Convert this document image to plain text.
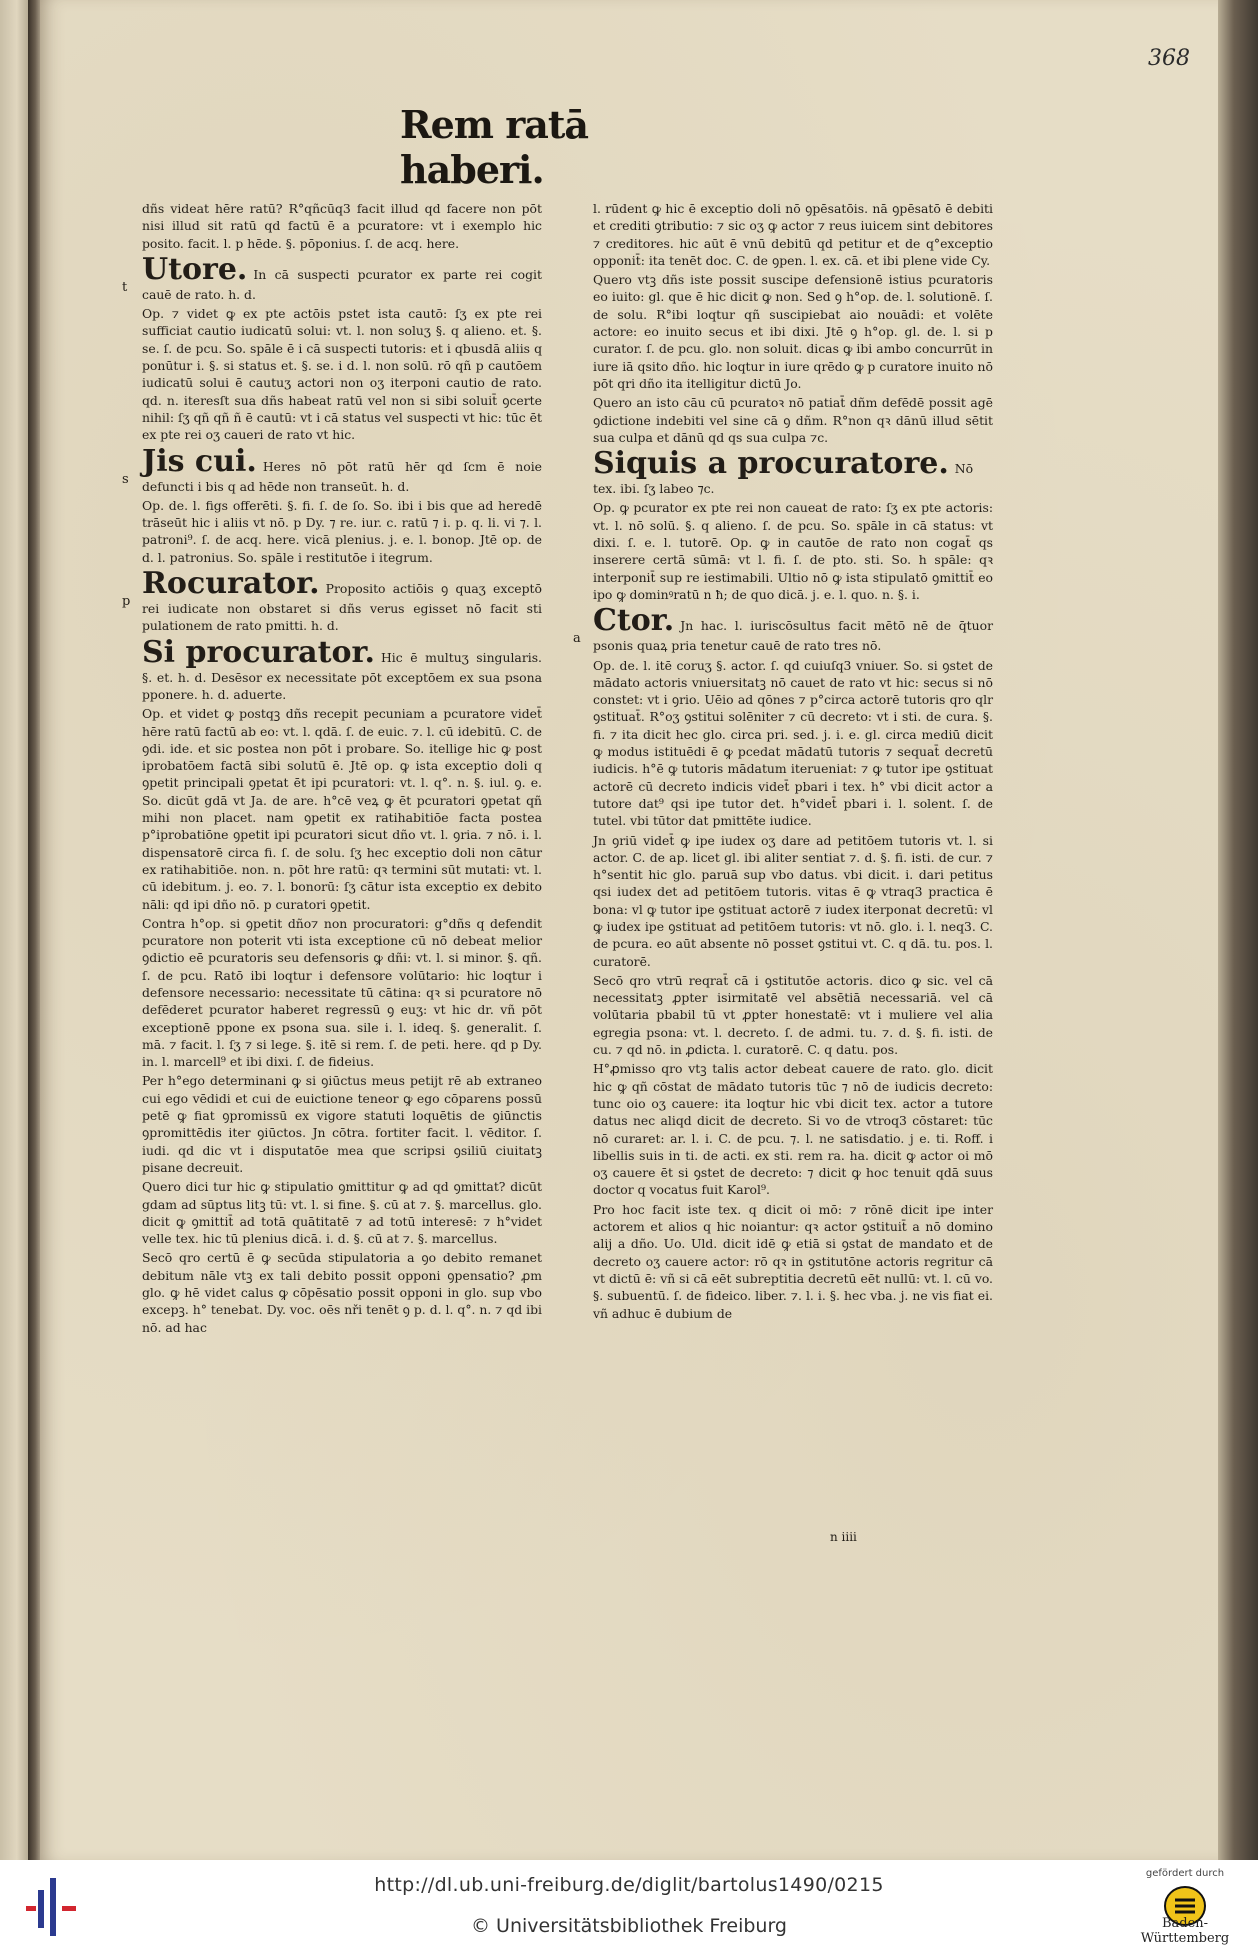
368
Rem ratā haberi.

dñs videat hēre ratū? R°qñcūq3 facit illud qd facere non pōt nisi illud sit ratū qd factū ē a pcuratore: vt i exemplo hic posito. facit. l. p hēde. §. pōponius. ſ. de acq. here.

t
Utore. In cā suspecti pcurator ex parte rei cogit cauē de rato. h. d.

Op. ⁊ videt ꝙ ex pte actōis pstet ista cautō: ſʒ ex pte rei sufficiat cautio iudicatū solui: vt. l. non soluʒ §. q alieno. et. §. se. ſ. de pcu. So. spāle ē i cā suspecti tutoris: et i qbusdā aliis q ponūtur i. §. si status et. §. se. i d. l. non solū. rō qñ p cautōem iudicatū solui ē cautuʒ actori non oʒ iterponi cautio de rato. qd. n. iteresſt sua dñs habeat ratū vel non si sibi soluit̄ ꝯcerte nihil: ſʒ qñ qñ ñ ē cautū: vt i cā status vel suspecti vt hic: tūc ēt ex pte rei oʒ caueri de rato vt hic.

s
Jis cui. Heres nō pōt ratū hēr qd ſcm ē noie defuncti i bis q ad hēde non transeūt. h. d.

Op. de. l. figs offerēti. §. fi. ſ. de ſo. So. ibi i bis que ad heredē trāseūt hic i aliis vt nō. p Dy. ⁊ re. iur. c. ratū ⁊ i. p. q. li. vi ⁊. l. patroni⁹. ſ. de acq. here. vicā plenius. j. e. l. bonop. Jtē op. de d. l. patronius. So. spāle i restitutōe i itegrum.

p
Rocurator. Proposito actiōis ꝯ quaʒ exceptō rei iudicate non obstaret si dñs verus egisset nō facit sti pulationem de rato pmitti. h. d.

Si procurator. Hic ē multuʒ singularis. §. et. h. d. Desēsor ex necessitate pōt exceptōem ex sua psona pponere. h. d. aduerte.

Op. et videt ꝙ postqꝫ dñs recepit pecuniam a pcuratore videt̄ hēre ratū factū ab eo: vt. l. qdā. ſ. de euic. ⁊. l. cū idebitū. C. de ꝯdi. ide. et sic postea non pōt i probare. So. itellige hic ꝙ post iprobatōem factā sibi solutū ē. Jtē op. ꝙ ista exceptio doli q ꝯpetit principali ꝯpetat ēt ipi pcuratori: vt. l. q°. n. §. iul. ꝯ. e. So. dicūt gdā vt Ja. de are. h°cē veꝝ ꝙ ēt pcuratori ꝯpetat qñ mihi non placet. nam ꝯpetit ex ratihabitiōe facta postea p°iprobatiōne ꝯpetit ipi pcuratori sicut dño vt. l. ꝯria. ⁊ nō. i. l. dispensatorē circa fi. ſ. de solu. ſʒ hec exceptio doli non cātur ex ratihabitiōe. non. n. pōt hre ratū: qꝛ termini sūt mutati: vt. l. cū idebitum. j. eo. ⁊. l. bonorū: ſʒ cātur ista exceptio ex debito nāli: qd ipi dño nō. p curatori ꝯpetit.

Contra h°op. si ꝯpetit dño⁊ non procuratori: g°dñs q defendit pcuratore non poterit vti ista exceptione cū nō debeat melior ꝯdictio eē pcuratoris seu defensoris ꝙ dñi: vt. l. si minor. §. qñ. ſ. de pcu. Ratō ibi loqtur i defensore volūtario: hic loqtur i defensore necessario: necessitate tū cātina: qꝛ si pcuratore nō defēderet pcurator haberet regressū ꝯ euʒ: vt hic dr. vñ pōt exceptionē ppone ex psona sua. sile i. l. ideq. §. generalit. ſ. mā. ⁊ facit. l. ſʒ ⁊ si lege. §. itē si rem. ſ. de peti. here. qd p Dy. in. l. marcell⁹ et ibi dixi. ſ. de fideius.

Per h°ego determinani ꝙ si ꝯiūctus meus petijt rē ab extraneo cui ego vēdidi et cui de euictione teneor ꝙ ego cōparens possū petē ꝙ fiat ꝯpromissū ex vigore statuti loquētis de ꝯiūnctis ꝯpromittēdis iter ꝯiūctos. Jn cōtra. fortiter facit. l. vēditor. ſ. iudi. qd dic vt i disputatōe mea que scripsi ꝯsiliū ciuitatꝫ pisane decreuit.

Quero dici tur hic ꝙ stipulatio ꝯmittitur ꝙ ad qd ꝯmittat? dicūt gdam ad sūptus litꝫ tū: vt. l. si fine. §. cū at ⁊. §. marcellus. glo. dicit ꝙ ꝯmittit̄ ad totā quātitatē ⁊ ad totū interesē: ⁊ h°videt velle tex. hic tū plenius dicā. i. d. §. cū at ⁊. §. marcellus.

Secō qro certū ē ꝙ secūda stipulatoria a ꝯo debito remanet debitum nāle vtꝫ ex tali debito possit opponi ꝯpensatio? ꝓm glo. ꝙ hē videt calus ꝙ cōpēsatio possit opponi in glo. sup vbo excepꝫ. h° tenebat. Dy. voc. oēs nři tenēt ꝯ p. d. l. q°. n. ⁊ qd ibi nō. ad hac

l. rūdent ꝙ hic ē exceptio doli nō ꝯpēsatōis. nā ꝯpēsatō ē debiti et crediti ꝯtributio: ⁊ sic oʒ ꝙ actor ⁊ reus iuicem sint debitores ⁊ creditores. hic aūt ē vnū debitū qd petitur et de q°exceptio opponit̄: ita tenēt doc. C. de ꝯpen. l. ex. cā. et ibi plene vide Cy.

Quero vtꝫ dñs iste possit suscipe defensionē istius pcuratoris eo iuito: gl. que ē hic dicit ꝙ non. Sed ꝯ h°op. de. l. solutionē. ſ. de solu. R°ibi loqtur qñ suscipiebat aio nouādi: et volēte actore: eo inuito secus et ibi dixi. Jtē ꝯ h°op. gl. de. l. si p curator. ſ. de pcu. glo. non soluit. dicas ꝙ ibi ambo concurrūt in iure iā qsito dño. hic loqtur in iure qrēdo ꝙ p curatore inuito nō pōt qri dño ita itelligitur dictū Jo.

Quero an isto cāu cū pcuratoꝛ nō patiat̄ dñm defēdē possit agē ꝯdictione indebiti vel sine cā ꝯ dñm. R°non qꝛ dānū illud sētit sua culpa et dānū qd qs sua culpa ⁊c.

Siquis a procuratore. Nō tex. ibi. ſʒ labeo ⁊c.

Op. ꝙ pcurator ex pte rei non caueat de rato: ſʒ ex pte actoris: vt. l. nō solū. §. q alieno. ſ. de pcu. So. spāle in cā status: vt dixi. ſ. e. l. tutorē. Op. ꝙ in cautōe de rato non cogat̄ qs inserere certā sūmā: vt l. fi. ſ. de pto. sti. So. h spāle: qꝛ interponit̄ sup re iestimabili. Ultio nō ꝙ ista stipulatō ꝯmittit̄ eo ipo ꝙ dominꝰratū n ħ; de quo dicā. j. e. l. quo. n. §. i.

a
Ctor. Jn hac. l. iuriscōsultus facit mētō nē de q̄tuor psonis quaꝝ pria tenetur cauē de rato tres nō.

Op. de. l. itē coruʒ §. actor. ſ. qd cuiuſq3 vniuer. So. si ꝯstet de mādato actoris vniuersitatꝫ nō cauet de rato vt hic: secus si nō constet: vt i ꝯrio. Uēio ad qōnes ⁊ p°circa actorē tutoris qro qlr ꝯstituat̄. R°oʒ ꝯstitui solēniter ⁊ cū decreto: vt i sti. de cura. §. fi. ⁊ ita dicit hec glo. circa pri. sed. j. i. e. gl. circa mediū dicit ꝙ modus istituēdi ē ꝙ pcedat mādatū tutoris ⁊ sequat̄ decretū iudicis. h°ē ꝙ tutoris mādatum iterueniat: ⁊ ꝙ tutor ipe ꝯstituat actorē cū decreto indicis videt̄ pbari i tex. h° vbi dicit actor a tutore dat⁹ qsi ipe tutor det. h°videt̄ pbari i. l. solent. ſ. de tutel. vbi tūtor dat pmittēte iudice.

Jn ꝯriū videt̄ ꝙ ipe iudex oʒ dare ad petitōem tutoris vt. l. si actor. C. de ap. licet gl. ibi aliter sentiat ⁊. d. §. fi. isti. de cur. ⁊ h°sentit hic glo. paruā sup vbo datus. vbi dicit. i. dari petitus qsi iudex det ad petitōem tutoris. vitas ē ꝙ vtraq3 practica ē bona: vl ꝙ tutor ipe ꝯstituat actorē ⁊ iudex iterponat decretū: vl ꝙ iudex ipe ꝯstituat ad petitōem tutoris: vt nō. glo. i. l. neq3. C. de pcura. eo aūt absente nō posset ꝯstitui vt. C. q dā. tu. pos. l. curatorē.

Secō qro vtrū reqrat̄ cā i ꝯstitutōe actoris. dico ꝙ sic. vel cā necessitatꝫ ꝓpter isirmitatē vel absētiā necessariā. vel cā volūtaria pbabil tū vt ꝓpter honestatē: vt i muliere vel alia egregia psona: vt. l. decreto. ſ. de admi. tu. ⁊. d. §. fi. isti. de cu. ⁊ qd nō. in ꝓdicta. l. curatorē. C. q datu. pos.

H°ꝓmisso qro vtꝫ talis actor debeat cauere de rato. glo. dicit hic ꝙ qñ cōstat de mādato tutoris tūc ⁊ nō de iudicis decreto: tunc oio oʒ cauere: ita loqtur hic vbi dicit tex. actor a tutore datus nec aliqd dicit de decreto. Si vo de vtroq3 cōstaret: tūc nō curaret: ar. l. i. C. de pcu. ⁊. l. ne satisdatio. j e. ti. Roff. i libellis suis in ti. de acti. ex sti. rem ra. ha. dicit ꝙ actor oi mō oʒ cauere ēt si ꝯstet de decreto: ⁊ dicit ꝙ hoc tenuit qdā suus doctor q vocatus fuit Karol⁹.

Pro hoc facit iste tex. q dicit oi mō: ⁊ rōnē dicit ipe inter actorem et alios q hic noiantur: qꝛ actor ꝯstituit̄ a nō domino alij a dño. Uo. Uld. dicit idē ꝙ etiā si ꝯstat de mandato et de decreto oʒ cauere actor: rō qꝛ in ꝯstitutōne actoris regritur cā vt dictū ē: vñ si cā eēt subreptitia decretū eēt nullū: vt. l. cū vo. §. subuentū. ſ. de fideico. liber. ⁊. l. i. §. hec vba. j. ne vis fiat ei. vñ adhuc ē dubium de

n iiii
http://dl.ub.uni-freiburg.de/diglit/bartolus1490/0215
© Universitätsbibliothek Freiburg
gefördert durch
Baden-Württemberg
